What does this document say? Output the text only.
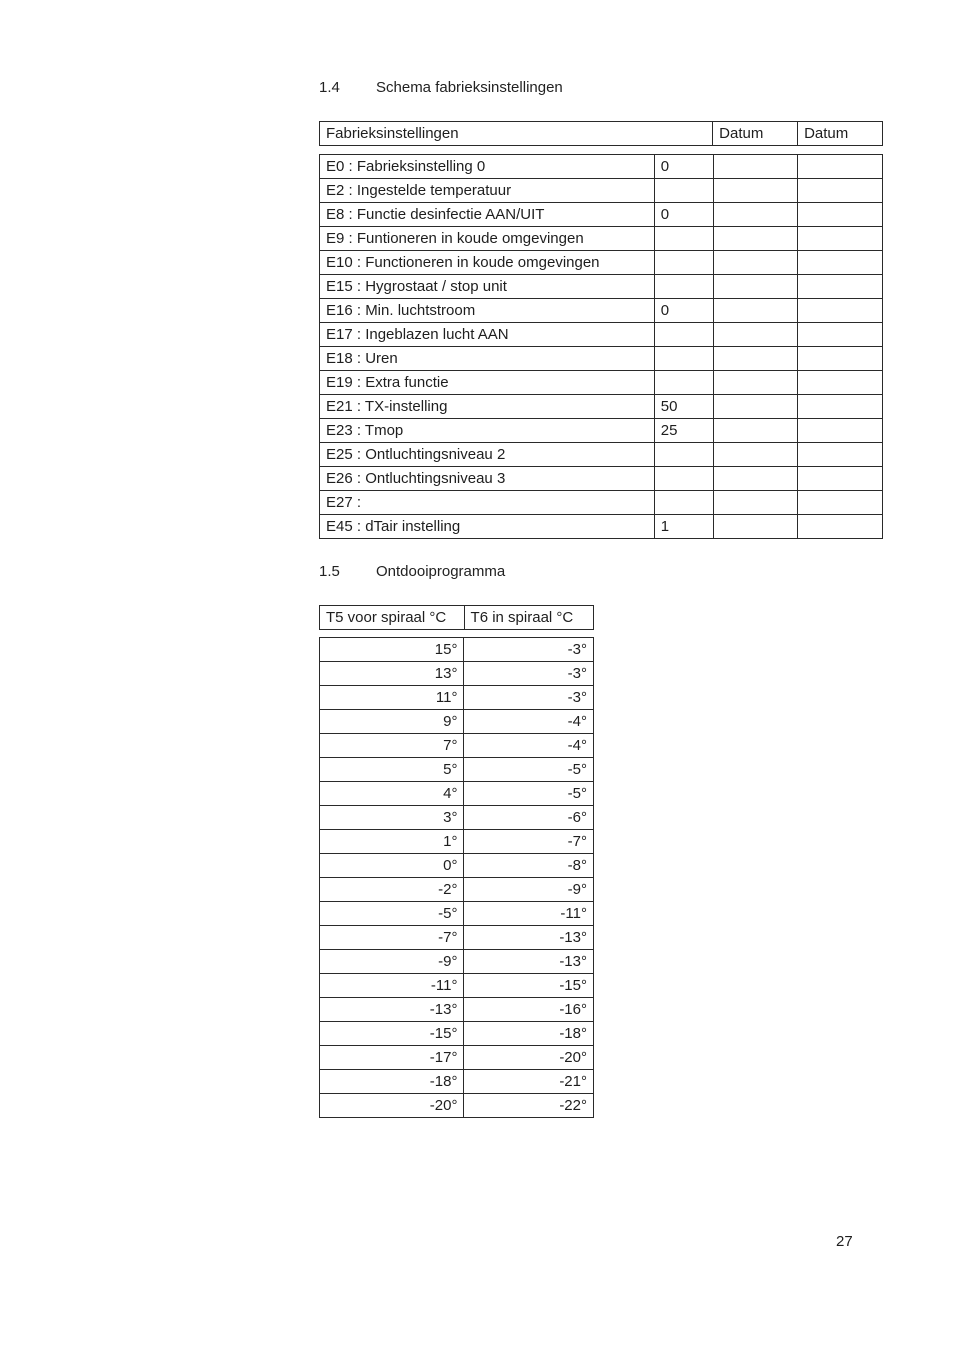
1.4 Schema fabrieksinstellingen
Fabrieksinstellingen	Datum	Datum
E0 : Fabrieksinstelling 0	0		
E2 : Ingestelde temperatuur			
E8 : Functie desinfectie AAN/UIT	0		
E9 : Funtioneren in koude omgevingen			
E10 : Functioneren in koude omgevingen			
E15 : Hygrostaat / stop unit			
E16 : Min. luchtstroom	0		
E17 : Ingeblazen lucht AAN			
E18 : Uren			
E19 : Extra functie			
E21 : TX-instelling	50		
E23 : Tmop	25		
E25 : Ontluchtingsniveau 2			
E26 : Ontluchtingsniveau 3			
E27 :			
E45 : dTair instelling	1		
1.5 Ontdooiprogramma
T5 voor spiraal °C	T6 in spiraal °C
15°	-3°
13°	-3°
11°	-3°
9°	-4°
7°	-4°
5°	-5°
4°	-5°
3°	-6°
1°	-7°
0°	-8°
-2°	-9°
-5°	-11°
-7°	-13°
-9°	-13°
-11°	-15°
-13°	-16°
-15°	-18°
-17°	-20°
-18°	-21°
-20°	-22°
27
